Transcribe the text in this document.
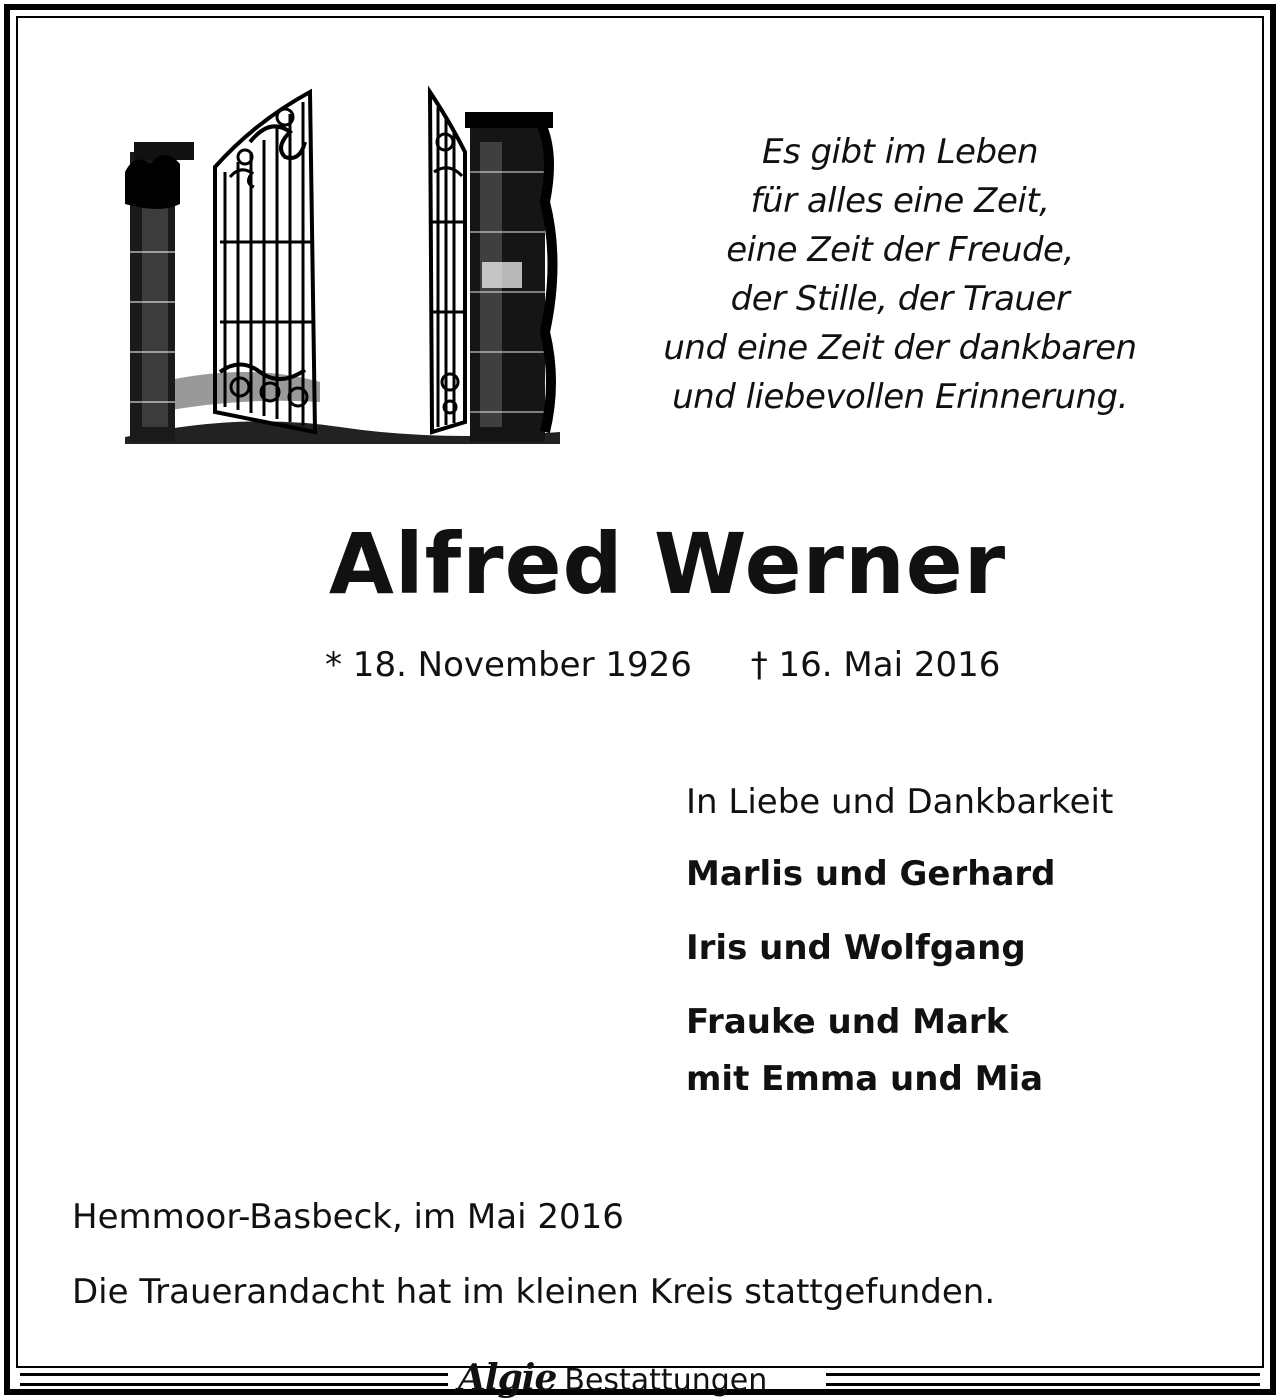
Es gibt im Leben
für alles eine Zeit,
eine Zeit der Freude,
der Stille, der Trauer
und eine Zeit der dankbaren
und liebevollen Erinnerung.
Alfred Werner
* 18. November 1926 † 16. Mai 2016
In Liebe und Dankbarkeit
Marlis und Gerhard
Iris und Wolfgang
Frauke und Mark
mit Emma und Mia
Hemmoor-Basbeck, im Mai 2016
Die Trauerandacht hat im kleinen Kreis stattgefunden.
Algie Bestattungen
